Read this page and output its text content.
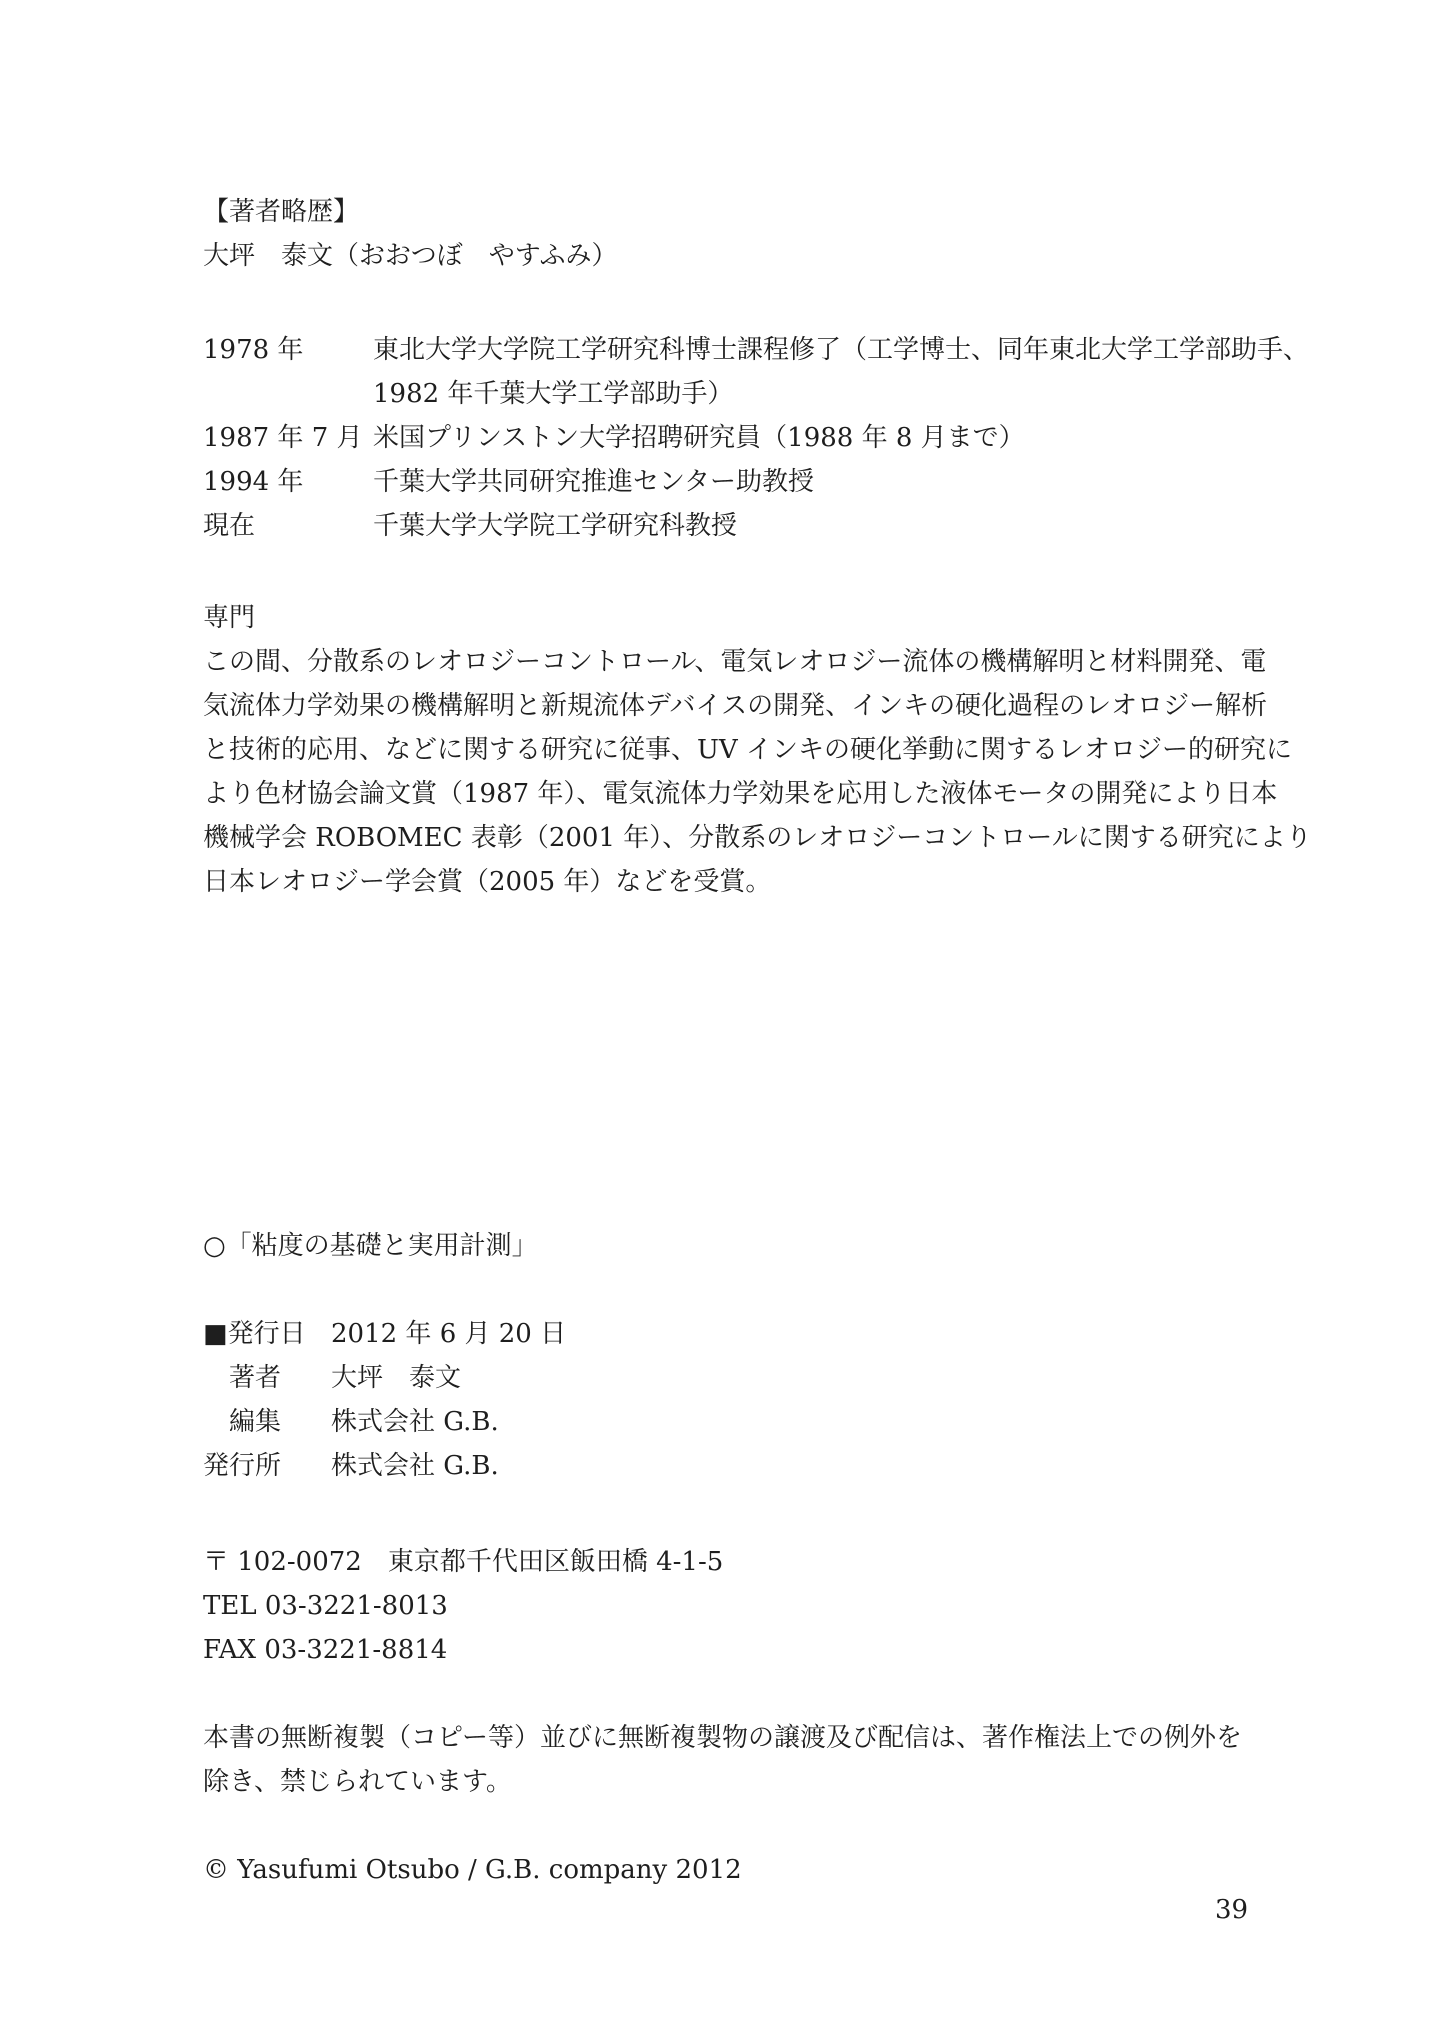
【著者略歴】
大坪　泰文（おおつぼ　やすふみ）
1978 年	東北大学大学院工学研究科博士課程修了（工学博士、同年東北大学工学部助手、
1982 年千葉大学工学部助手）
1987 年 7 月 米国プリンストン大学招聘研究員（1988 年 8 月まで）
1994 年	千葉大学共同研究推進センター助教授
現在	千葉大学大学院工学研究科教授
専門
この間、分散系のレオロジーコントロール、電気レオロジー流体の機構解明と材料開発、電
気流体力学効果の機構解明と新規流体デバイスの開発、インキの硬化過程のレオロジー解析
と技術的応用、などに関する研究に従事、UV インキの硬化挙動に関するレオロジー的研究に
より色材協会論文賞（1987 年）、電気流体力学効果を応用した液体モータの開発により日本
機械学会 ROBOMEC 表彰（2001 年）、分散系のレオロジーコントロールに関する研究により
日本レオロジー学会賞（2005 年）などを受賞。
○「粘度の基礎と実用計測」
■発行日 2012 年 6 月 20 日
　著者 大坪　泰文
　編集 株式会社 G.B.
発行所 株式会社 G.B.
〒 102-0072　東京都千代田区飯田橋 4-1-5
TEL 03-3221-8013
FAX 03-3221-8814
本書の無断複製（コピー等）並びに無断複製物の譲渡及び配信は、著作権法上での例外を
除き、禁じられています。
© Yasufumi Otsubo / G.B. company 2012
39
